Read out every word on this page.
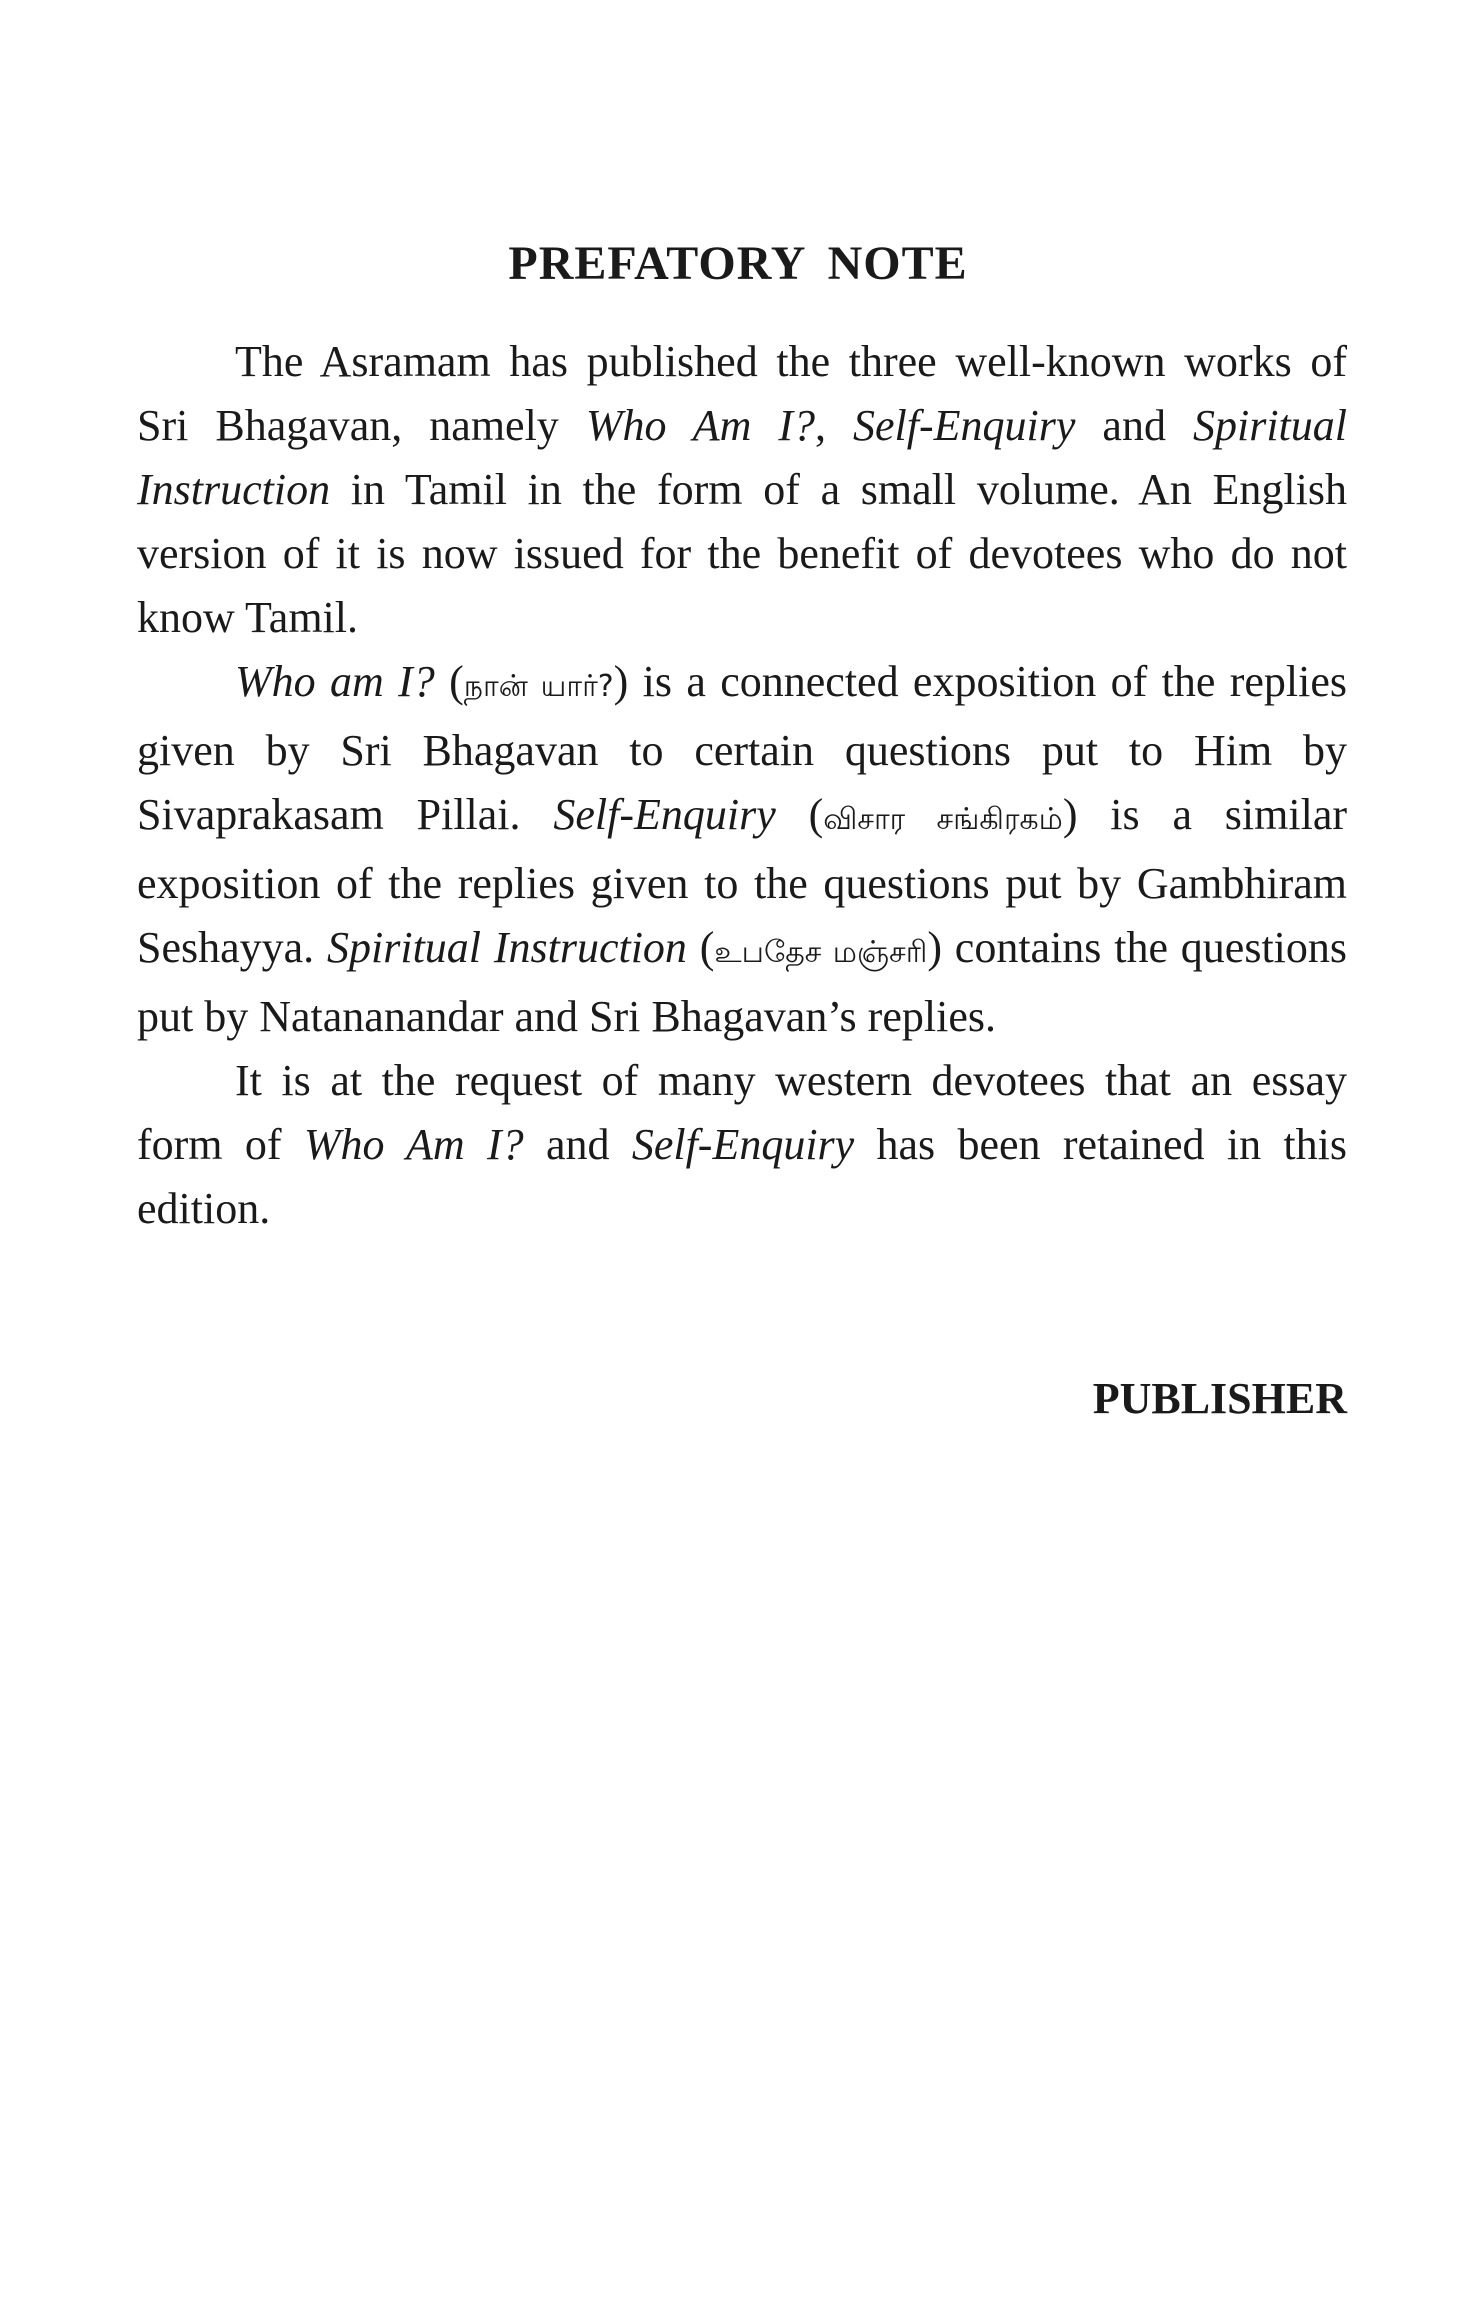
PREFATORY NOTE

The Asramam has published the three well-known works of Sri Bhagavan, namely Who Am I?, Self-Enquiry and Spiritual Instruction in Tamil in the form of a small volume. An English version of it is now issued for the benefit of devotees who do not know Tamil.

Who am I? (நான் யார்?) is a connected exposition of the replies given by Sri Bhagavan to certain questions put to Him by Sivaprakasam Pillai. Self-Enquiry (விசார சங்கிரகம்) is a similar exposition of the replies given to the questions put by Gambhiram Seshayya. Spiritual Instruction (உபதேச மஞ்சரி) contains the questions put by Natananandar and Sri Bhagavan’s replies.

It is at the request of many western devotees that an essay form of Who Am I? and Self-Enquiry has been retained in this edition.

PUBLISHER
